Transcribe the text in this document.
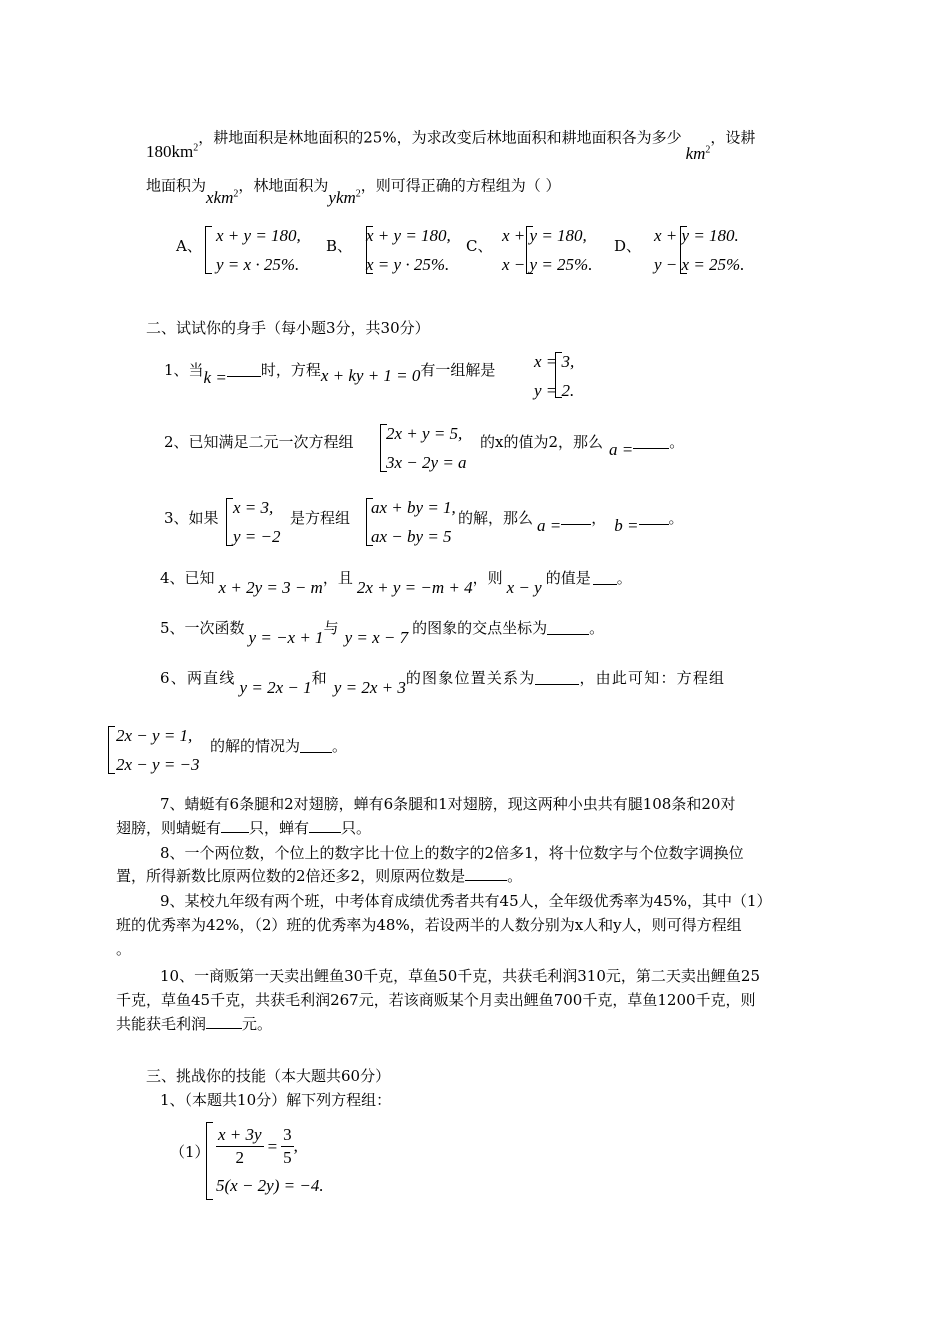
$180km^2$，耕地面积是林地面积的25%，为求改变后林地面积和耕地面积各为多少$km^2$，设耕
地面积为xkm$^2$，林地面积为ykm$^2$，则可得正确的方程组为（ ）
A、
x + y = 180,
y = x · 25%.
B、
x + y = 180,
x = y · 25%.
C、
x + y = 180,
x − y = 25%.
D、
x + y = 180.
y − x = 25%.
二、试试你的身手（每小题3分，共30分）
1、当k = 时，方程x + ky + 1 = 0有一组解是 x = 3,
y = 2.
2、已知满足二元一次方程组 2x + y = 5,
3x − 2y = a
的x的值为2，那么 a = 。
3、如果
x = 3,
y = −2
是方程组
ax + by = 1,
ax − by = 5
的解，那么 a = ， b = 。
4、已知 x + 2y = 3 − m，且 2x + y = −m + 4，则 x − y 的值是 。
5、一次函数 y = −x + 1与 y = x − 7 的图象的交点坐标为	。
6、两直线 y = 2x − 1和 y = 2x + 3的图象位置关系为	，由此可知：方程组
2x − y = 1,
2x − y = −3
的解的情况为 。
7、蜻蜓有6条腿和2对翅膀，蝉有6条腿和1对翅膀，现这两种小虫共有腿108条和20对
翅膀，则蜻蜓有 只，蝉有 只。
8、一个两位数，个位上的数字比十位上的数字的2倍多1，将十位数字与个位数字调换位
置，所得新数比原两位数的2倍还多2，则原两位数是	。
9、某校九年级有两个班，中考体育成绩优秀者共有45人，全年级优秀率为45%，其中（1）
班的优秀率为42%，（2）班的优秀率为48%，若设两半的人数分别为x人和y人，则可得方程组
。
10、一商贩第一天卖出鲤鱼30千克，草鱼50千克，共获毛利润310元，第二天卖出鲤鱼25
千克，草鱼45千克，共获毛利润267元，若该商贩某个月卖出鲤鱼700千克，草鱼1200千克，则
共能获毛利润 元。
三、挑战你的技能（本大题共60分）
1、（本题共10分）解下列方程组：
$(1) \frac{x + 3y}{2} = \frac{3}{5}$ ,
5(x − 2y) = −4.
